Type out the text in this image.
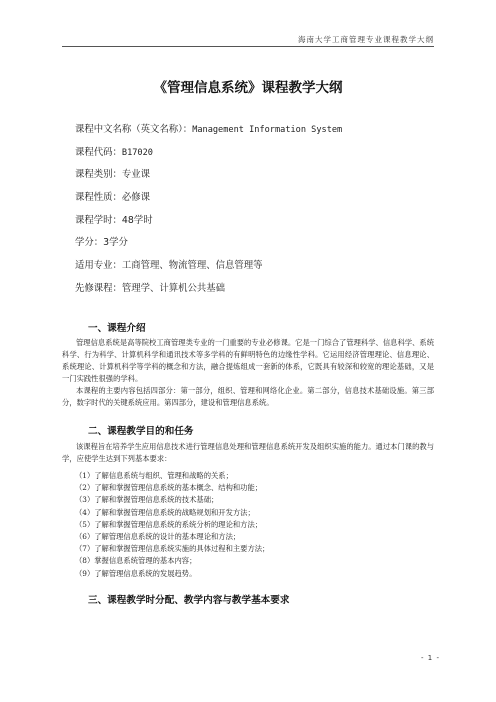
海南大学工商管理专业课程教学大纲
《管理信息系统》课程教学大纲
课程中文名称（英文名称）：Management Information System
课程代码：B17020
课程类别：专业课
课程性质：必修课
课程学时：48学时
学分：3学分
适用专业：工商管理、物流管理、信息管理等
先修课程：管理学、计算机公共基础
一、课程介绍

管理信息系统是高等院校工商管理类专业的一门重要的专业必修课。它是一门综合了管理科学、信息科学、系统科学、行为科学、计算机科学和通讯技术等多学科的有鲜明特色的边缘性学科。它运用经济管理理论、信息理论、系统理论、计算机科学等学科的概念和方法，融合提炼组成一套新的体系，它既具有较深和较宽的理论基础，又是一门实践性很强的学科。

本课程的主要内容包括四部分：第一部分，组织、管理和网络化企业。第二部分，信息技术基础设施。第三部分，数字时代的关键系统应用。第四部分，建设和管理信息系统。

二、课程教学目的和任务

该课程旨在培养学生应用信息技术进行管理信息处理和管理信息系统开发及组织实施的能力。通过本门课的教与学，应使学生达到下列基本要求：

（1）了解信息系统与组织、管理和战略的关系；
（2）了解和掌握管理信息系统的基本概念、结构和功能；
（3）了解和掌握管理信息系统的技术基础；
（4）了解和掌握管理信息系统的战略规划和开发方法；
（5）了解和掌握管理信息系统的系统分析的理论和方法；
（6）了解管理信息系统的设计的基本理论和方法；
（7）了解和掌握管理信息系统实施的具体过程和主要方法；
（8）掌握信息系统管理的基本内容；
（9）了解管理信息系统的发展趋势。
三、课程教学时分配、教学内容与教学基本要求
- 1 -
